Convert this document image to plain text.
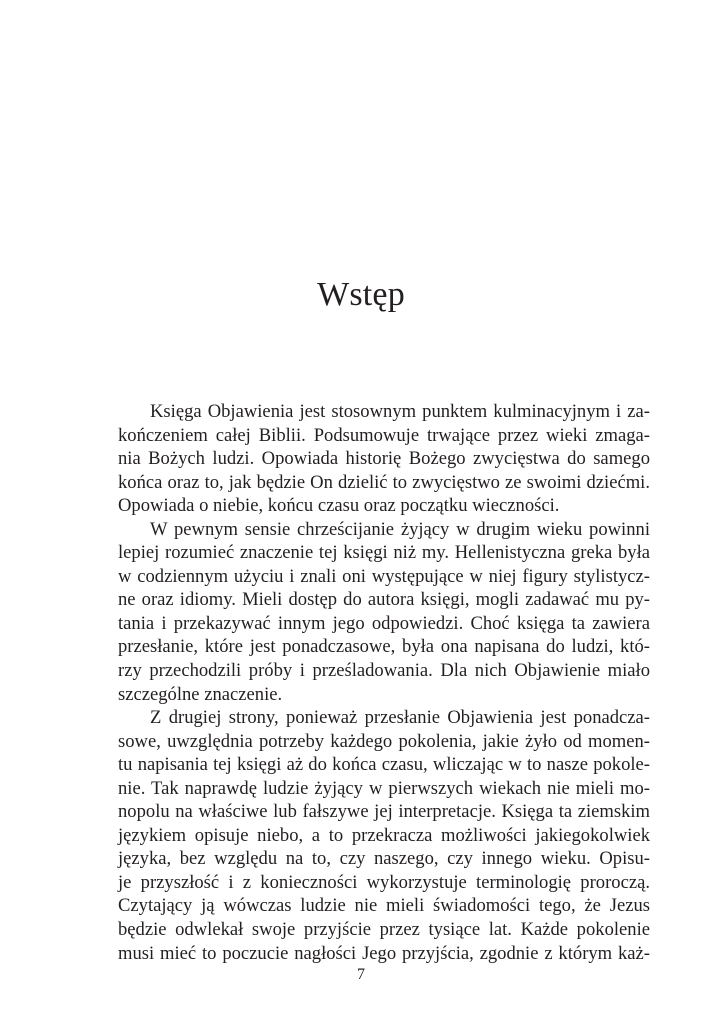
Wstęp
Księga Objawienia jest stosownym punktem kulminacyjnym i za-
kończeniem całej Biblii. Podsumowuje trwające przez wieki zmaga-
nia Bożych ludzi. Opowiada historię Bożego zwycięstwa do samego
końca oraz to, jak będzie On dzielić to zwycięstwo ze swoimi dziećmi.
Opowiada o niebie, końcu czasu oraz początku wieczności.
W pewnym sensie chrześcijanie żyjący w drugim wieku powinni
lepiej rozumieć znaczenie tej księgi niż my. Hellenistyczna greka była
w codziennym użyciu i znali oni występujące w niej figury stylistycz-
ne oraz idiomy. Mieli dostęp do autora księgi, mogli zadawać mu py-
tania i przekazywać innym jego odpowiedzi. Choć księga ta zawiera
przesłanie, które jest ponadczasowe, była ona napisana do ludzi, któ-
rzy przechodzili próby i prześladowania. Dla nich Objawienie miało
szczególne znaczenie.
Z drugiej strony, ponieważ przesłanie Objawienia jest ponadcza-
sowe, uwzględnia potrzeby każdego pokolenia, jakie żyło od momen-
tu napisania tej księgi aż do końca czasu, wliczając w to nasze pokole-
nie. Tak naprawdę ludzie żyjący w pierwszych wiekach nie mieli mo-
nopolu na właściwe lub fałszywe jej interpretacje. Księga ta ziemskim
językiem opisuje niebo, a to przekracza możliwości jakiegokolwiek
języka, bez względu na to, czy naszego, czy innego wieku. Opisu-
je przyszłość i z konieczności wykorzystuje terminologię proroczą.
Czytający ją wówczas ludzie nie mieli świadomości tego, że Jezus
będzie odwlekał swoje przyjście przez tysiące lat. Każde pokolenie
musi mieć to poczucie nagłości Jego przyjścia, zgodnie z którym każ-
7
